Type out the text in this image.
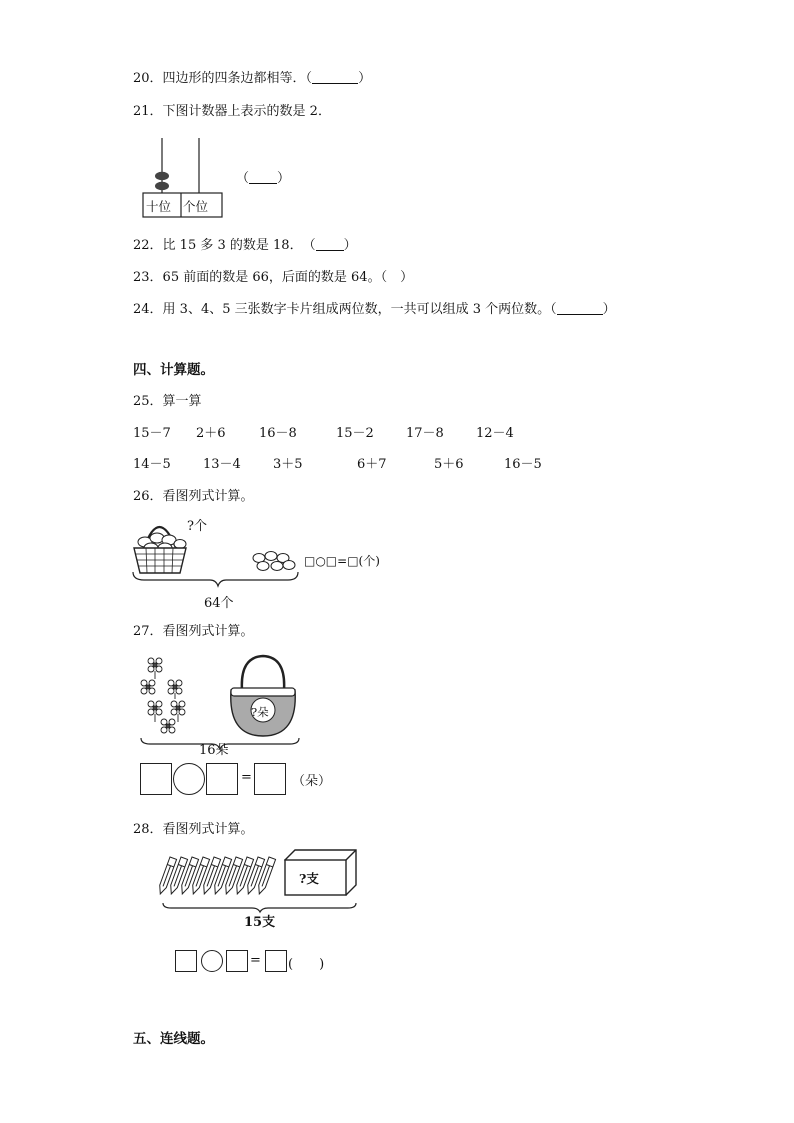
20．四边形的四条边都相等．（	）
21．下图计数器上表示的数是 2．
十位 个位
（ ）
22．比 15 多 3 的数是 18．　（ ）
23．65 前面的数是 66，后面的数是 64。（　）
24．用 3、4、5 三张数字卡片组成两位数，一共可以组成 3 个两位数。（	）
四、计算题。
25．算一算
15－7 2＋6	16－8	15－2 17－8 12－4
14－5 13－4 3＋5	6＋7	5＋6	16－5
26．看图列式计算。
?个
64个
□○□=□(个)
27．看图列式计算。
?朵
16朵
=	（朵）
28．看图列式计算。
?支
15支
= (　　)
五、连线题。
